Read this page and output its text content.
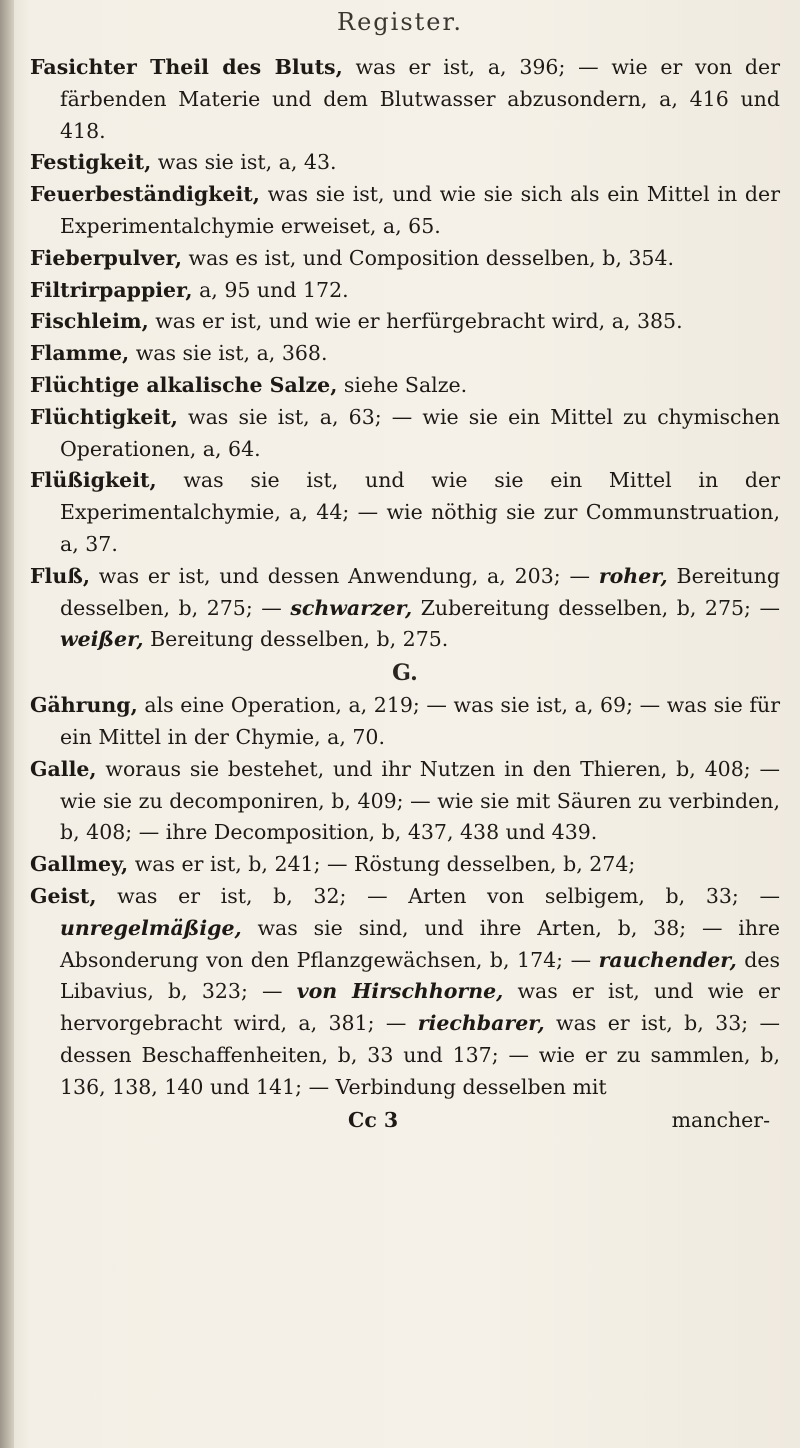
Register.
Fasichter Theil des Bluts, was er ist, a, 396; — wie er von der färbenden Materie und dem Blutwasser abzusondern, a, 416 und 418.
Festigkeit, was sie ist, a, 43.
Feuerbeständigkeit, was sie ist, und wie sie sich als ein Mittel in der Experimentalchymie erweiset, a, 65.
Fieberpulver, was es ist, und Composition desselben, b, 354.
Filtrirpappier, a, 95 und 172.
Fischleim, was er ist, und wie er herfürgebracht wird, a, 385.
Flamme, was sie ist, a, 368.
Flüchtige alkalische Salze, siehe Salze.
Flüchtigkeit, was sie ist, a, 63; — wie sie ein Mittel zu chymischen Operationen, a, 64.
Flüßigkeit, was sie ist, und wie sie ein Mittel in der Experimentalchymie, a, 44; — wie nöthig sie zur Communstruation, a, 37.
Fluß, was er ist, und dessen Anwendung, a, 203; — roher, Bereitung desselben, b, 275; — schwarzer, Zubereitung desselben, b, 275; — weißer, Bereitung desselben, b, 275.
G.
Gährung, als eine Operation, a, 219; — was sie ist, a, 69; — was sie für ein Mittel in der Chymie, a, 70.
Galle, woraus sie bestehet, und ihr Nutzen in den Thieren, b, 408; — wie sie zu decomponiren, b, 409; — wie sie mit Säuren zu verbinden, b, 408; — ihre Decomposition, b, 437, 438 und 439.
Gallmey, was er ist, b, 241; — Röstung desselben, b, 274;
Geist, was er ist, b, 32; — Arten von selbigem, b, 33; — unregelmäßige, was sie sind, und ihre Arten, b, 38; — ihre Absonderung von den Pflanzgewächsen, b, 174; — rauchender, des Libavius, b, 323; — von Hirschhorne, was er ist, und wie er hervorgebracht wird, a, 381; — riechbarer, was er ist, b, 33; — dessen Beschaffenheiten, b, 33 und 137; — wie er zu sammlen, b, 136, 138, 140 und 141; — Verbindung desselben mit
Cc 3	mancher-
